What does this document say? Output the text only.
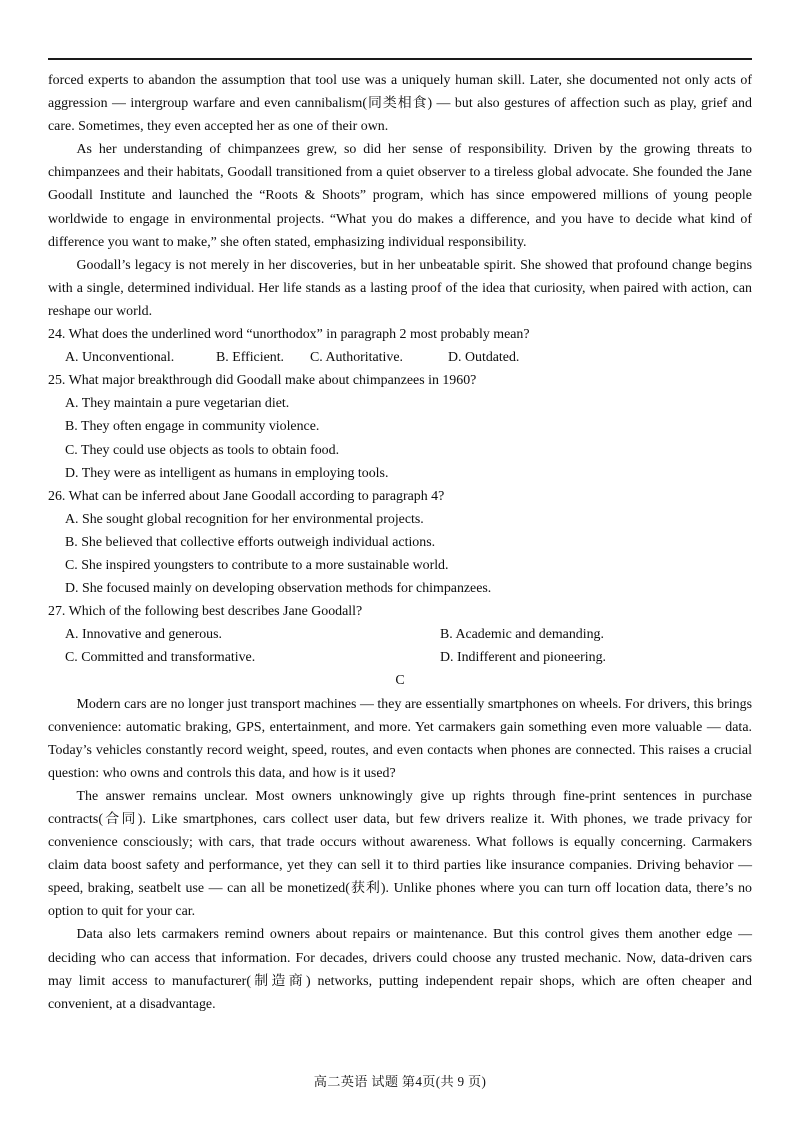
forced experts to abandon the assumption that tool use was a uniquely human skill. Later, she documented not only acts of aggression — intergroup warfare and even cannibalism(同类相食) — but also gestures of affection such as play, grief and care. Sometimes, they even accepted her as one of their own.

As her understanding of chimpanzees grew, so did her sense of responsibility. Driven by the growing threats to chimpanzees and their habitats, Goodall transitioned from a quiet observer to a tireless global advocate. She founded the Jane Goodall Institute and launched the “Roots & Shoots” program, which has since empowered millions of young people worldwide to engage in environmental projects. “What you do makes a difference, and you have to decide what kind of difference you want to make,” she often stated, emphasizing individual responsibility.

Goodall’s legacy is not merely in her discoveries, but in her unbeatable spirit. She showed that profound change begins with a single, determined individual. Her life stands as a lasting proof of the idea that curiosity, when paired with action, can reshape our world.

24. What does the underlined word “unorthodox” in paragraph 2 most probably mean?

A. Unconventional.	B. Efficient. C. Authoritative.	D. Outdated.

25. What major breakthrough did Goodall make about chimpanzees in 1960?

A. They maintain a pure vegetarian diet.

B. They often engage in community violence.

C. They could use objects as tools to obtain food.

D. They were as intelligent as humans in employing tools.

26. What can be inferred about Jane Goodall according to paragraph 4?

A. She sought global recognition for her environmental projects.

B. She believed that collective efforts outweigh individual actions.

C. She inspired youngsters to contribute to a more sustainable world.

D. She focused mainly on developing observation methods for chimpanzees.

27. Which of the following best describes Jane Goodall?

A. Innovative and generous.	B. Academic and demanding.
C. Committed and transformative.	D. Indifferent and pioneering.

C

Modern cars are no longer just transport machines — they are essentially smartphones on wheels. For drivers, this brings convenience: automatic braking, GPS, entertainment, and more. Yet carmakers gain something even more valuable — data. Today’s vehicles constantly record weight, speed, routes, and even contacts when phones are connected. This raises a crucial question: who owns and controls this data, and how is it used?

The answer remains unclear. Most owners unknowingly give up rights through fine-print sentences in purchase contracts(合同). Like smartphones, cars collect user data, but few drivers realize it. With phones, we trade privacy for convenience consciously; with cars, that trade occurs without awareness. What follows is equally concerning. Carmakers claim data boost safety and performance, yet they can sell it to third parties like insurance companies. Driving behavior — speed, braking, seatbelt use — can all be monetized(获利). Unlike phones where you can turn off location data, there’s no option to quit for your car.

Data also lets carmakers remind owners about repairs or maintenance. But this control gives them another edge — deciding who can access that information. For decades, drivers could choose any trusted mechanic. Now, data-driven cars may limit access to manufacturer(制造商) networks, putting independent repair shops, which are often cheaper and convenient, at a disadvantage.

高二英语 试题 第4页(共 9 页)
